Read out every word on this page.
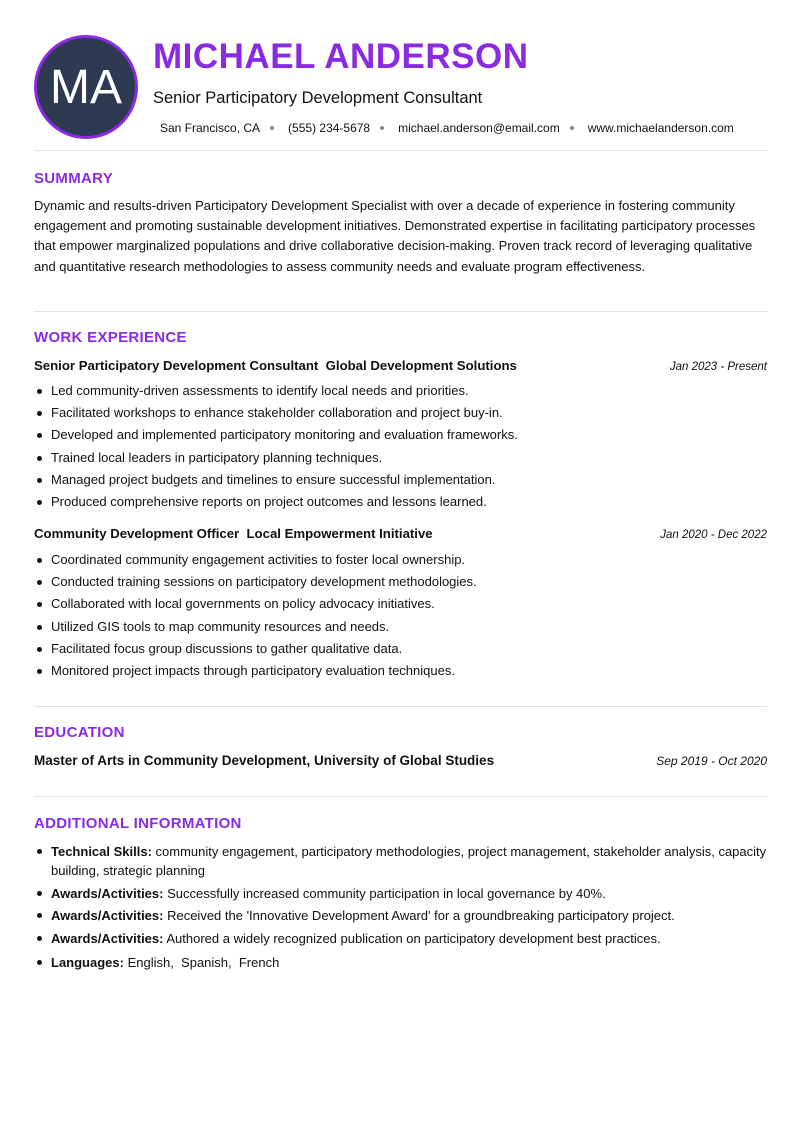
MA
MICHAEL ANDERSON
Senior Participatory Development Consultant
San Francisco, CA (555) 234-5678 michael.anderson@email.com www.michaelanderson.com
SUMMARY

Dynamic and results-driven Participatory Development Specialist with over a decade of experience in fostering community engagement and promoting sustainable development initiatives. Demonstrated expertise in facilitating participatory processes that empower marginalized populations and drive collaborative decision-making. Proven track record of leveraging qualitative and quantitative research methodologies to assess community needs and evaluate program effectiveness.

WORK EXPERIENCE
Senior Participatory Development Consultant  Global Development Solutions	Jan 2023 - Present
Led community-driven assessments to identify local needs and priorities.
Facilitated workshops to enhance stakeholder collaboration and project buy-in.
Developed and implemented participatory monitoring and evaluation frameworks.
Trained local leaders in participatory planning techniques.
Managed project budgets and timelines to ensure successful implementation.
Produced comprehensive reports on project outcomes and lessons learned.
Community Development Officer  Local Empowerment Initiative	Jan 2020 - Dec 2022
Coordinated community engagement activities to foster local ownership.
Conducted training sessions on participatory development methodologies.
Collaborated with local governments on policy advocacy initiatives.
Utilized GIS tools to map community resources and needs.
Facilitated focus group discussions to gather qualitative data.
Monitored project impacts through participatory evaluation techniques.
EDUCATION
Master of Arts in Community Development, University of Global Studies	Sep 2019 - Oct 2020
ADDITIONAL INFORMATION
Technical Skills: community engagement, participatory methodologies, project management, stakeholder analysis, capacity building, strategic planning
Awards/Activities: Successfully increased community participation in local governance by 40%.
Awards/Activities: Received the 'Innovative Development Award' for a groundbreaking participatory project.
Awards/Activities: Authored a widely recognized publication on participatory development best practices.
Languages: English,  Spanish,  French
